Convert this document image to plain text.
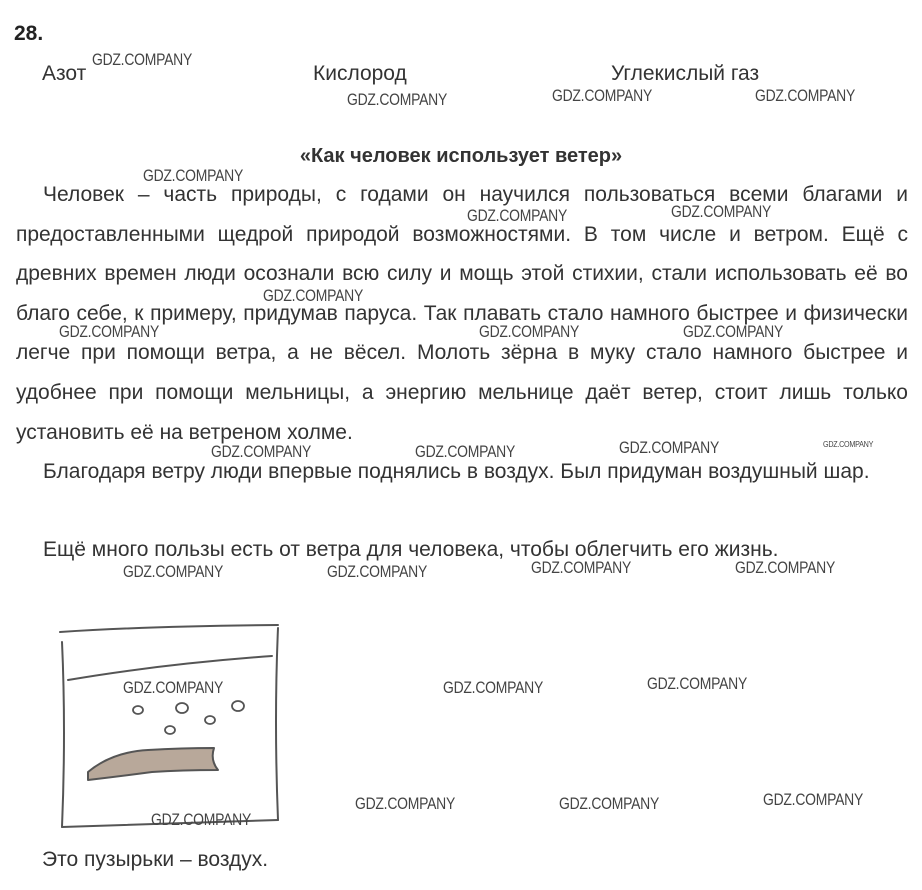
28.
Азот	Кислород	Углекислый газ
«Как человек использует ветер»

Человек – часть природы, с годами он научился пользоваться всеми благами и предоставленными щедрой природой возможностями. В том числе и ветром. Ещё с древних времен люди осознали всю силу и мощь этой стихии, стали использовать её во благо себе, к примеру, придумав паруса. Так плавать стало намного быстрее и физически легче при помощи ветра, а не вёсел. Молоть зёрна в муку стало намного быстрее и удобнее при помощи мельницы, а энергию мельнице даёт ветер, стоит лишь только установить её на ветреном холме.

Благодаря ветру люди впервые поднялись в воздух. Был придуман воздушный шар.

Ещё много пользы есть от ветра для человека, чтобы облегчить его жизнь.

Это пузырьки – воздух.
GDZ.COMPANY
GDZ.COMPANY	GDZ.COMPANY	GDZ.COMPANY
GDZ.COMPANY
GDZ.COMPANY	GDZ.COMPANY
GDZ.COMPANY
GDZ.COMPANY	GDZ.COMPANY	GDZ.COMPANY
GDZ.COMPANY	GDZ.COMPANY
GDZ.COMPANY	GDZ.COMPANY
GDZ.COMPANY	GDZ.COMPANY	GDZ.COMPANY	GDZ.COMPANY
GDZ.COMPANY	GDZ.COMPANY	GDZ.COMPANY
GDZ.COMPANY	GDZ.COMPANY	GDZ.COMPANY
GDZ.COMPANY
